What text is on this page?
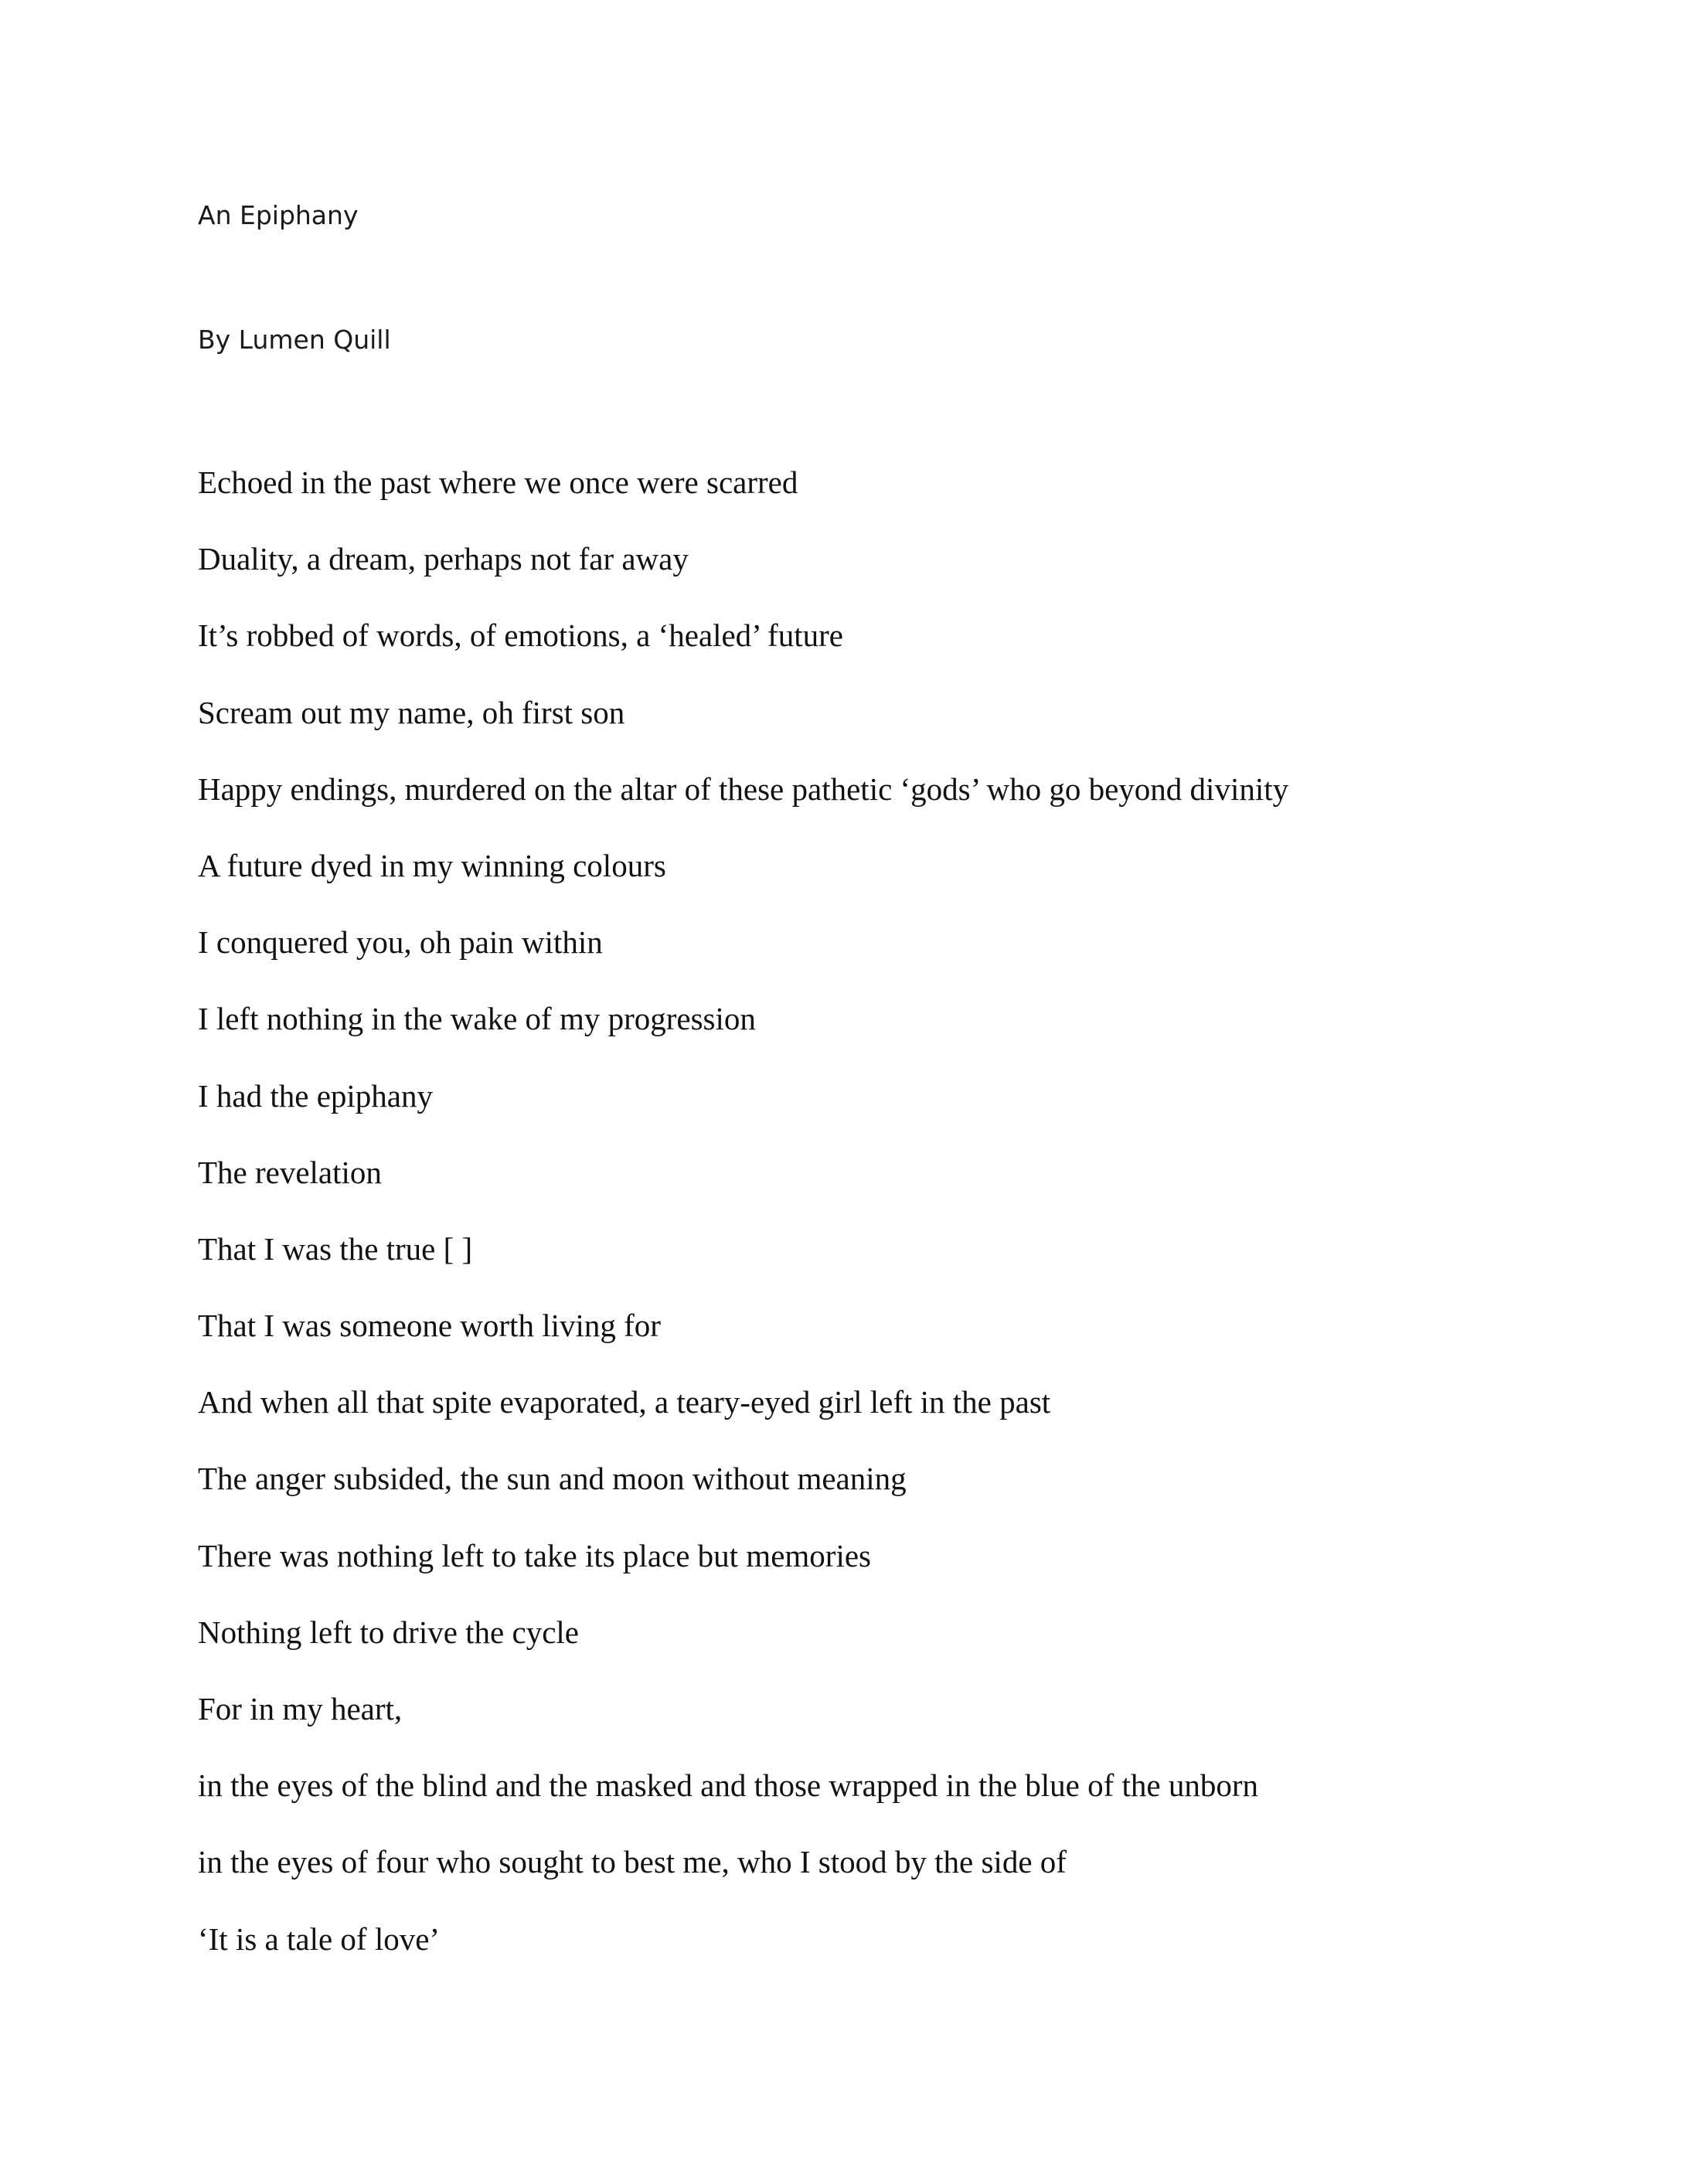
An Epiphany
By Lumen Quill
Echoed in the past where we once were scarred
Duality, a dream, perhaps not far away
It’s robbed of words, of emotions, a ‘healed’ future
Scream out my name, oh first son
Happy endings, murdered on the altar of these pathetic ‘gods’ who go beyond divinity
A future dyed in my winning colours
I conquered you, oh pain within
I left nothing in the wake of my progression
I had the epiphany
The revelation
That I was the true [ ]
That I was someone worth living for
And when all that spite evaporated, a teary-eyed girl left in the past
The anger subsided, the sun and moon without meaning
There was nothing left to take its place but memories
Nothing left to drive the cycle
For in my heart,
in the eyes of the blind and the masked and those wrapped in the blue of the unborn
in the eyes of four who sought to best me, who I stood by the side of
‘It is a tale of love’
